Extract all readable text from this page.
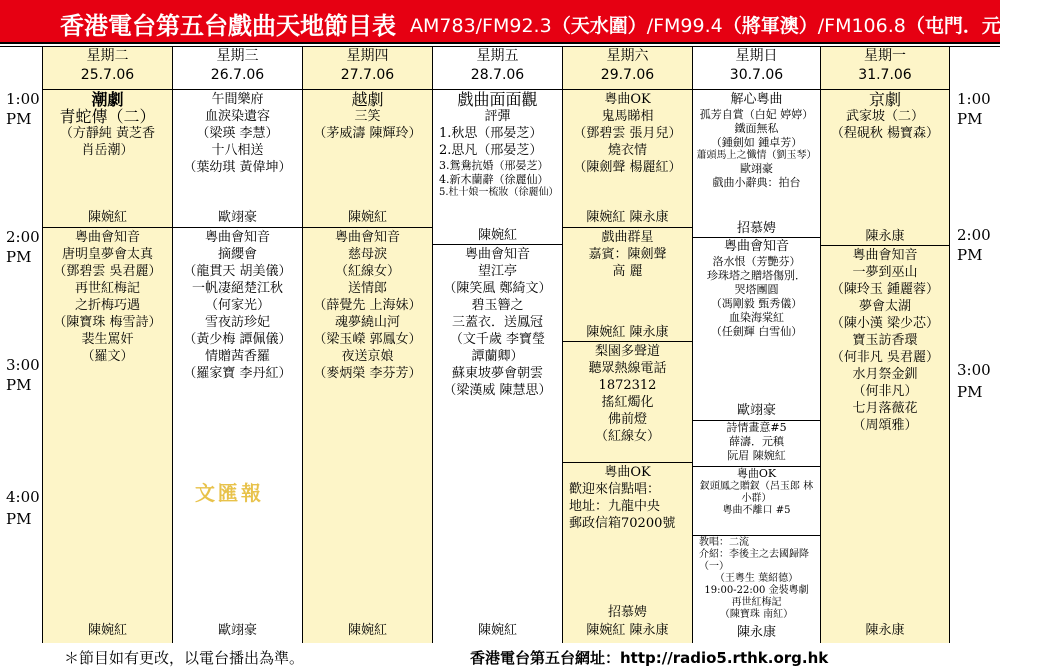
香港電台第五台戲曲天地節目表 AM783/FM92.3（天水圍）/FM99.4（將軍澳）/FM106.8（屯門．元朗）
1:00
PM
2:00
PM
3:00
PM
4:00
PM
1:00
PM
2:00
PM
3:00
PM
星期二
25.7.06
潮劇
青蛇傳（二）
（方靜純 黃芝香
肖岳潮）
陳婉紅
粵曲會知音
唐明皇夢會太真
（鄧碧雲 吳君麗）
再世紅梅記
之折梅巧遇
（陳寶珠 梅雪詩）
裴生罵奸
（羅文）
陳婉紅
星期三
26.7.06
午間樂府
血淚染遺容
（梁瑛 李慧）
十八相送
（葉幼琪 黃偉坤）
歐翊豪
粵曲會知音
摘纓會
（龍貫天 胡美儀）
一帆凄絕楚江秋
（何家光）
雪夜訪珍妃
（黃少梅 譚佩儀）
情贈茜香羅
（羅家寶 李丹紅）
歐翊豪
文匯報
星期四
27.7.06
越劇
三笑
（茅威濤 陳輝玲）
陳婉紅
粵曲會知音
慈母淚
（紅線女）
送情郎
（薛覺先 上海妹）
魂夢繞山河
（梁玉嶸 郭鳳女）
夜送京娘
（麥炳榮 李芬芳）
陳婉紅
星期五
28.7.06
戲曲面面觀
評彈
1.秋思（邢晏芝）
2.思凡（邢晏芝）
3.鴛鴦抗婚（邢晏芝）
4.新木蘭辭（徐麗仙）
5.杜十娘一梳妝（徐麗仙）
陳婉紅
粵曲會知音
望江亭
（陳笑風 鄭綺文）
碧玉簪之
三蓋衣．送鳳冠
（文千歲 李寶瑩
譚蘭卿）
蘇東坡夢會朝雲
（梁漢威 陳慧思）
陳婉紅
星期六
29.7.06
粵曲OK
鬼馬睇相
（鄧碧雲 張月兒）
燒衣情
（陳劍聲 楊麗紅）
陳婉紅 陳永康
戲曲群星
嘉賓：陳劍聲
高 麗
陳婉紅 陳永康
梨園多聲道
聽眾熱線電話
1872312
搖紅燭化
佛前燈
（紅線女）
粵曲OK
歡迎來信點唱：
地址：九龍中央
郵政信箱70200號
招慕娉
陳婉紅 陳永康
星期日
30.7.06
解心粵曲
孤芳自賞（白妃 婷婷）
鐵面無私
（鍾劍如 鍾卓芳）
蕭頭馬上之懺情（劉玉琴）
歐翊豪
戲曲小辭典：拍台
招慕娉
粵曲會知音
洛水恨（芳艷芬）
珍珠塔之贈塔傷別．
哭塔團圓
（馮剛毅 甄秀儀）
血染海棠紅
（任劍輝 白雪仙）
歐翊豪
詩情畫意#5
薛濤．元稹
阮眉 陳婉紅
粵曲OK
釵頭鳳之贈釵（呂玉郎 林
小群）
粵曲不離口 #5
教唱：二流
介紹：李後主之去國歸降（一）
（王粵生 葉紹德）
19:00-22:00 金裝粵劇
再世紅梅記
（陳寶珠 南紅）
陳永康
星期一
31.7.06
京劇
武家坡（二）
（程硯秋 楊寶森）
陳永康
粵曲會知音
一夢到巫山
（陳玲玉 鍾麗蓉）
夢會太湖
（陳小漢 梁少芯）
寶玉訪香環
（何非凡 吳君麗）
水月祭金釧
（何非凡）
七月落薇花
（周頌雅）
陳永康
＊節目如有更改，以電台播出為準。	香港電台第五台網址：http://radio5.rthk.org.hk
